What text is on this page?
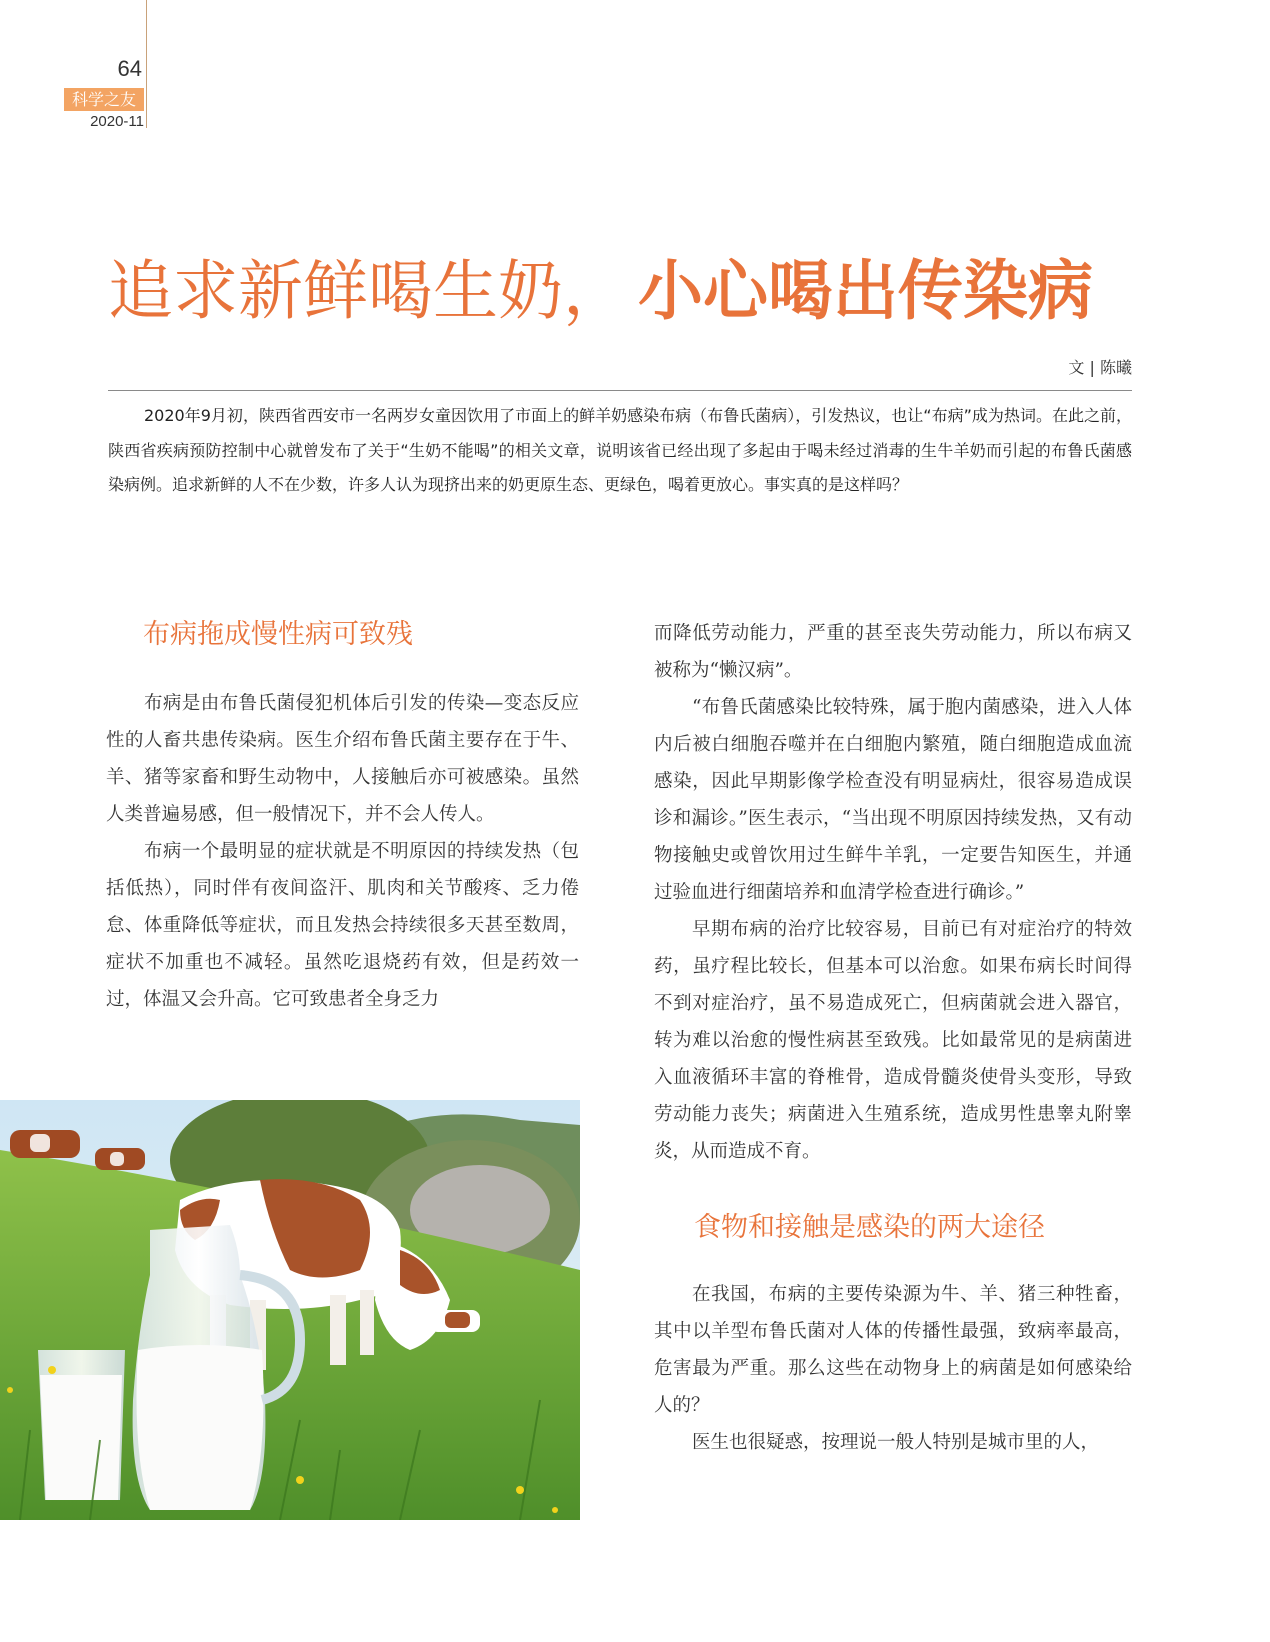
64
科学之友
2020-11
追求新鲜喝生奶， 小心喝出传染病
文 | 陈曦

2020年9月初，陕西省西安市一名两岁女童因饮用了市面上的鲜羊奶感染布病（布鲁氏菌病），引发热议，也让“布病”成为热词。在此之前，陕西省疾病预防控制中心就曾发布了关于“生奶不能喝”的相关文章，说明该省已经出现了多起由于喝未经过消毒的生牛羊奶而引起的布鲁氏菌感染病例。追求新鲜的人不在少数，许多人认为现挤出来的奶更原生态、更绿色，喝着更放心。事实真的是这样吗？

布病拖成慢性病可致残

布病是由布鲁氏菌侵犯机体后引发的传染—变态反应性的人畜共患传染病。医生介绍布鲁氏菌主要存在于牛、羊、猪等家畜和野生动物中，人接触后亦可被感染。虽然人类普遍易感，但一般情况下，并不会人传人。

布病一个最明显的症状就是不明原因的持续发热（包括低热），同时伴有夜间盗汗、肌肉和关节酸疼、乏力倦怠、体重降低等症状，而且发热会持续很多天甚至数周，症状不加重也不减轻。虽然吃退烧药有效，但是药效一过，体温又会升高。它可致患者全身乏力

而降低劳动能力，严重的甚至丧失劳动能力，所以布病又被称为“懒汉病”。

“布鲁氏菌感染比较特殊，属于胞内菌感染，进入人体内后被白细胞吞噬并在白细胞内繁殖，随白细胞造成血流感染，因此早期影像学检查没有明显病灶，很容易造成误诊和漏诊。”医生表示，“当出现不明原因持续发热，又有动物接触史或曾饮用过生鲜牛羊乳，一定要告知医生，并通过验血进行细菌培养和血清学检查进行确诊。”

早期布病的治疗比较容易，目前已有对症治疗的特效药，虽疗程比较长，但基本可以治愈。如果布病长时间得不到对症治疗，虽不易造成死亡，但病菌就会进入器官，转为难以治愈的慢性病甚至致残。比如最常见的是病菌进入血液循环丰富的脊椎骨，造成骨髓炎使骨头变形，导致劳动能力丧失；病菌进入生殖系统，造成男性患睾丸附睾炎，从而造成不育。

食物和接触是感染的两大途径

在我国，布病的主要传染源为牛、羊、猪三种牲畜，其中以羊型布鲁氏菌对人体的传播性最强，致病率最高，危害最为严重。那么这些在动物身上的病菌是如何感染给人的？

医生也很疑惑，按理说一般人特别是城市里的人，
